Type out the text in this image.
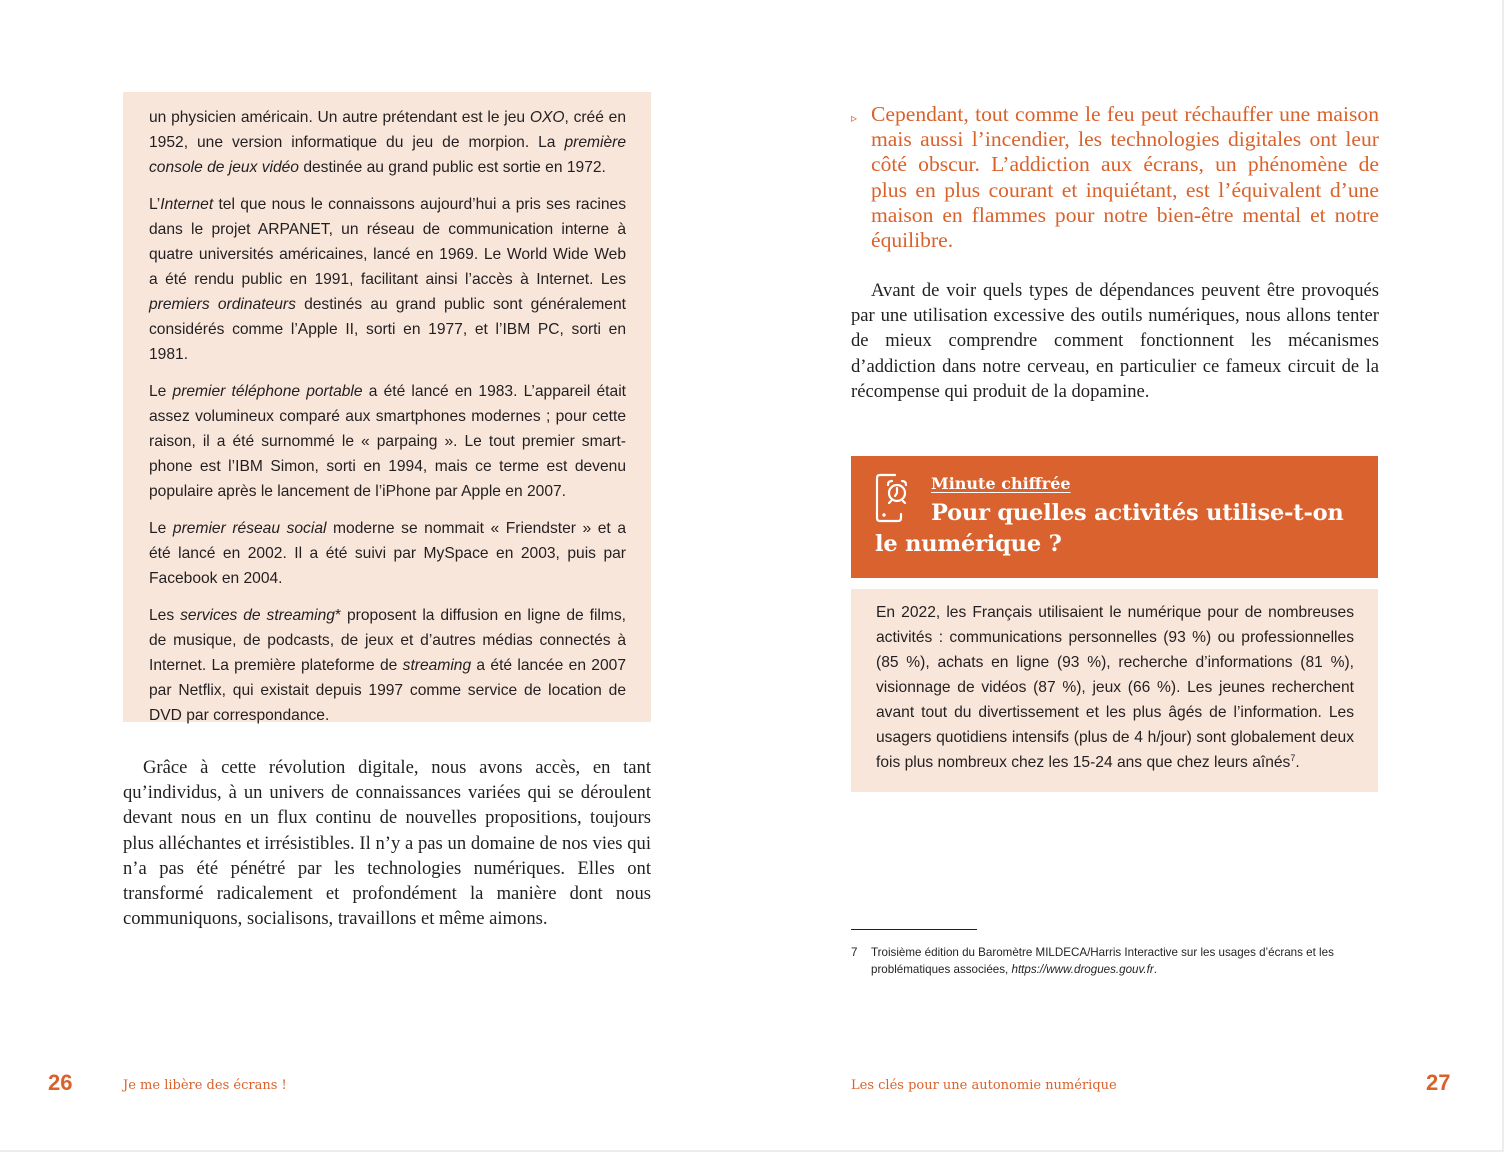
un physicien américain. Un autre prétendant est le jeu OXO, créé en 1952, une version informatique du jeu de morpion. La première console de jeux vidéo destinée au grand public est sortie en 1972.

L’Internet tel que nous le connaissons aujourd’hui a pris ses racines dans le projet ARPANET, un réseau de communication interne à quatre universités américaines, lancé en 1969. Le World Wide Web a été rendu public en 1991, facilitant ainsi l’accès à Internet. Les premiers ordinateurs destinés au grand public sont généralement considérés comme l’Apple II, sorti en 1977, et l’IBM PC, sorti en 1981.

Le premier téléphone portable a été lancé en 1983. L’appareil était assez volumineux comparé aux smartphones modernes ; pour cette raison, il a été surnommé le « parpaing ». Le tout premier smart-phone est l’IBM Simon, sorti en 1994, mais ce terme est devenu populaire après le lancement de l’iPhone par Apple en 2007.

Le premier réseau social moderne se nommait « Friendster » et a été lancé en 2002. Il a été suivi par MySpace en 2003, puis par Facebook en 2004.

Les services de streaming* proposent la diffusion en ligne de films, de musique, de podcasts, de jeux et d’autres médias connectés à Internet. La première plateforme de streaming a été lancée en 2007 par Netflix, qui existait depuis 1997 comme service de location de DVD par correspondance.

Grâce à cette révolution digitale, nous avons accès, en tant qu’individus, à un univers de connaissances variées qui se déroulent devant nous en un flux continu de nouvelles propositions, toujours plus alléchantes et irrésistibles. Il n’y a pas un domaine de nos vies qui n’a pas été pénétré par les technologies numériques. Elles ont transformé radicalement et profondément la manière dont nous communiquons, socialisons, travaillons et même aimons.

26	Je me libère des écrans !
▹ Cependant, tout comme le feu peut réchauffer une maison mais aussi l’incendier, les technologies digitales ont leur côté obscur. L’addiction aux écrans, un phénomène de plus en plus courant et inquiétant, est l’équivalent d’une maison en flammes pour notre bien-être mental et notre équilibre.

Avant de voir quels types de dépendances peuvent être provoqués par une utilisation excessive des outils numériques, nous allons tenter de mieux comprendre comment fonctionnent les mécanismes d’addiction dans notre cerveau, en particulier ce fameux circuit de la récompense qui produit de la dopamine.

Minute chiffrée
Pour quelles activités utilise-t-on le numérique ?

En 2022, les Français utilisaient le numérique pour de nombreuses activités : communications personnelles (93 %) ou professionnelles (85 %), achats en ligne (93 %), recherche d’informations (81 %), visionnage de vidéos (87 %), jeux (66 %). Les jeunes recherchent avant tout du divertissement et les plus âgés de l’information. Les usagers quotidiens intensifs (plus de 4 h/jour) sont globalement deux fois plus nombreux chez les 15-24 ans que chez leurs aînés$^7$.

7 Troisième édition du Baromètre MILDECA/Harris Interactive sur les usages d’écrans et les problématiques associées, https://www.drogues.gouv.fr.
Les clés pour une autonomie numérique	27
